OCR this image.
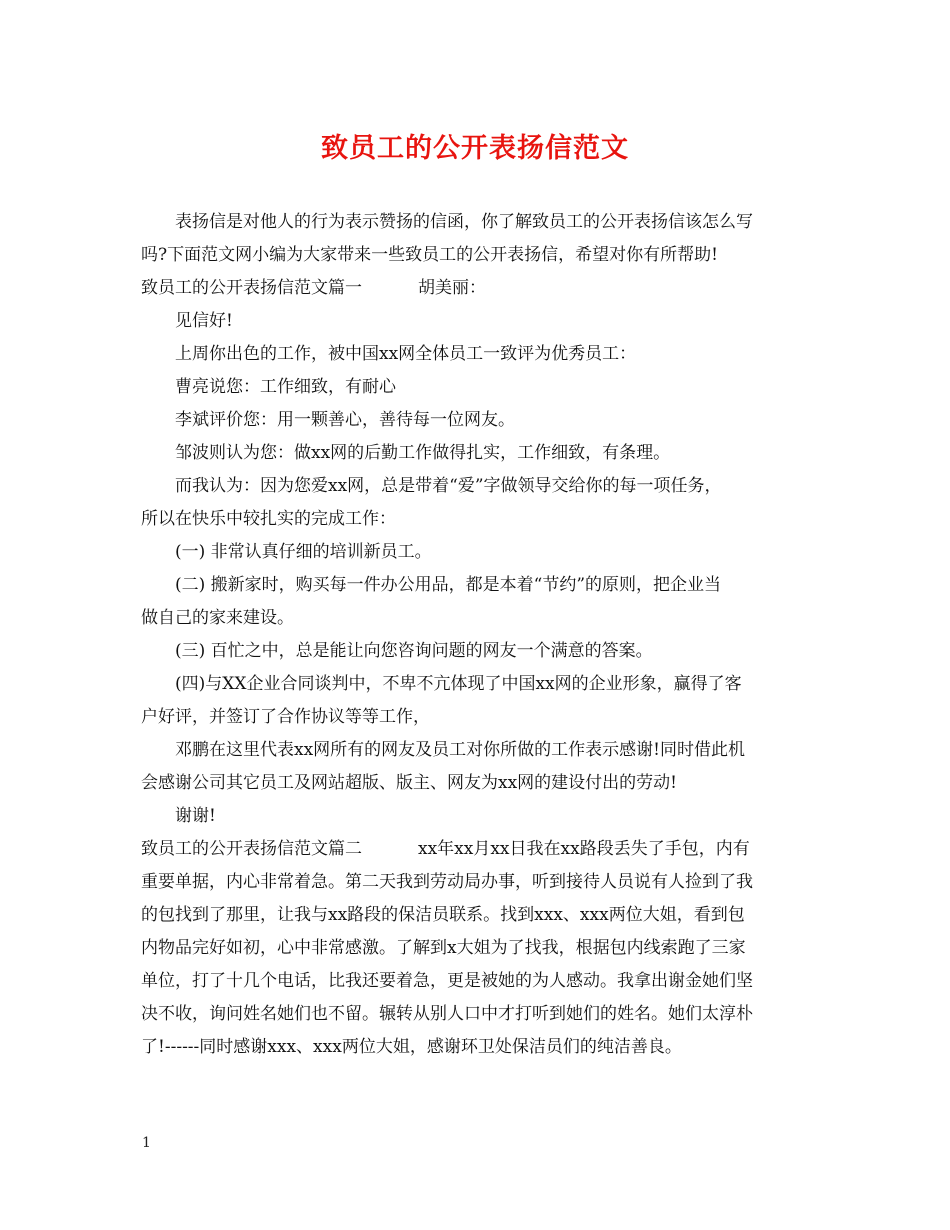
致员工的公开表扬信范文

表扬信是对他人的行为表示赞扬的信函，你了解致员工的公开表扬信该怎么写

吗?下面范文网小编为大家带来一些致员工的公开表扬信，希望对你有所帮助!

致员工的公开表扬信范文篇一	胡美丽：

见信好!

上周你出色的工作，被中国xx网全体员工一致评为优秀员工：

曹亮说您：工作细致，有耐心

李斌评价您：用一颗善心，善待每一位网友。

邹波则认为您：做xx网的后勤工作做得扎实，工作细致，有条理。

而我认为：因为您爱xx网，总是带着“爱”字做领导交给你的每一项任务，

所以在快乐中较扎实的完成工作：

(一) 非常认真仔细的培训新员工。

(二) 搬新家时，购买每一件办公用品，都是本着“节约”的原则，把企业当

做自己的家来建设。

(三) 百忙之中，总是能让向您咨询问题的网友一个满意的答案。

(四)与XX企业合同谈判中，不卑不亢体现了中国xx网的企业形象，赢得了客

户好评，并签订了合作协议等等工作，

邓鹏在这里代表xx网所有的网友及员工对你所做的工作表示感谢!同时借此机

会感谢公司其它员工及网站超版、版主、网友为xx网的建设付出的劳动!

谢谢!

致员工的公开表扬信范文篇二	xx年xx月xx日我在xx路段丢失了手包，内有

重要单据，内心非常着急。第二天我到劳动局办事，听到接待人员说有人捡到了我

的包找到了那里，让我与xx路段的保洁员联系。找到xxx、xxx两位大姐，看到包

内物品完好如初，心中非常感激。了解到x大姐为了找我，根据包内线索跑了三家

单位，打了十几个电话，比我还要着急，更是被她的为人感动。我拿出谢金她们坚

决不收，询问姓名她们也不留。辗转从别人口中才打听到她们的姓名。她们太淳朴

了!------同时感谢xxx、xxx两位大姐，感谢环卫处保洁员们的纯洁善良。

1
